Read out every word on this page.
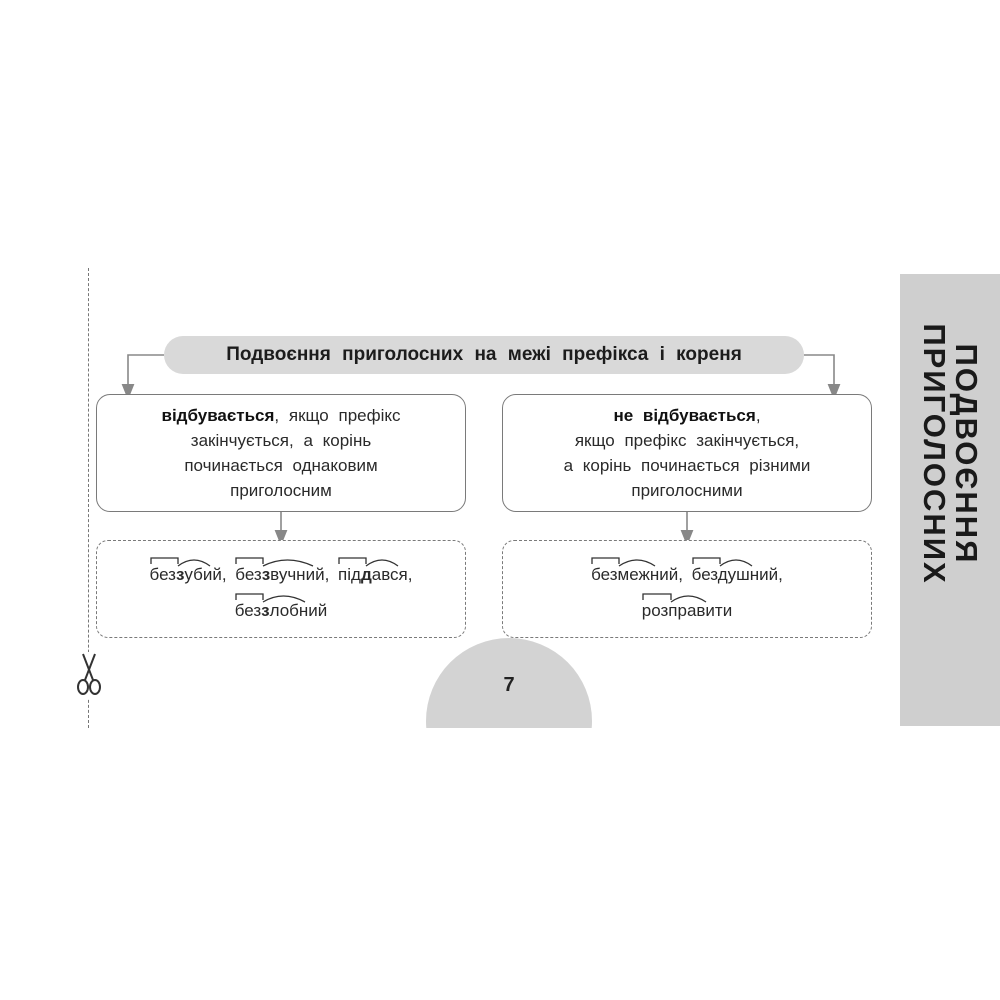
Подвоєння приголосних на межі префікса і кореня
відбувається, якщо префікс
закінчується, а корінь
починається однаковим
приголосним
не відбувається,
якщо префікс закінчується,
а корінь починається різними
приголосними
беззубий, беззвучний, піддався,
беззлобний
безмежний, бездушний,
розправити
7
ПОДВОЄННЯ
ПРИГОЛОСНИХ
